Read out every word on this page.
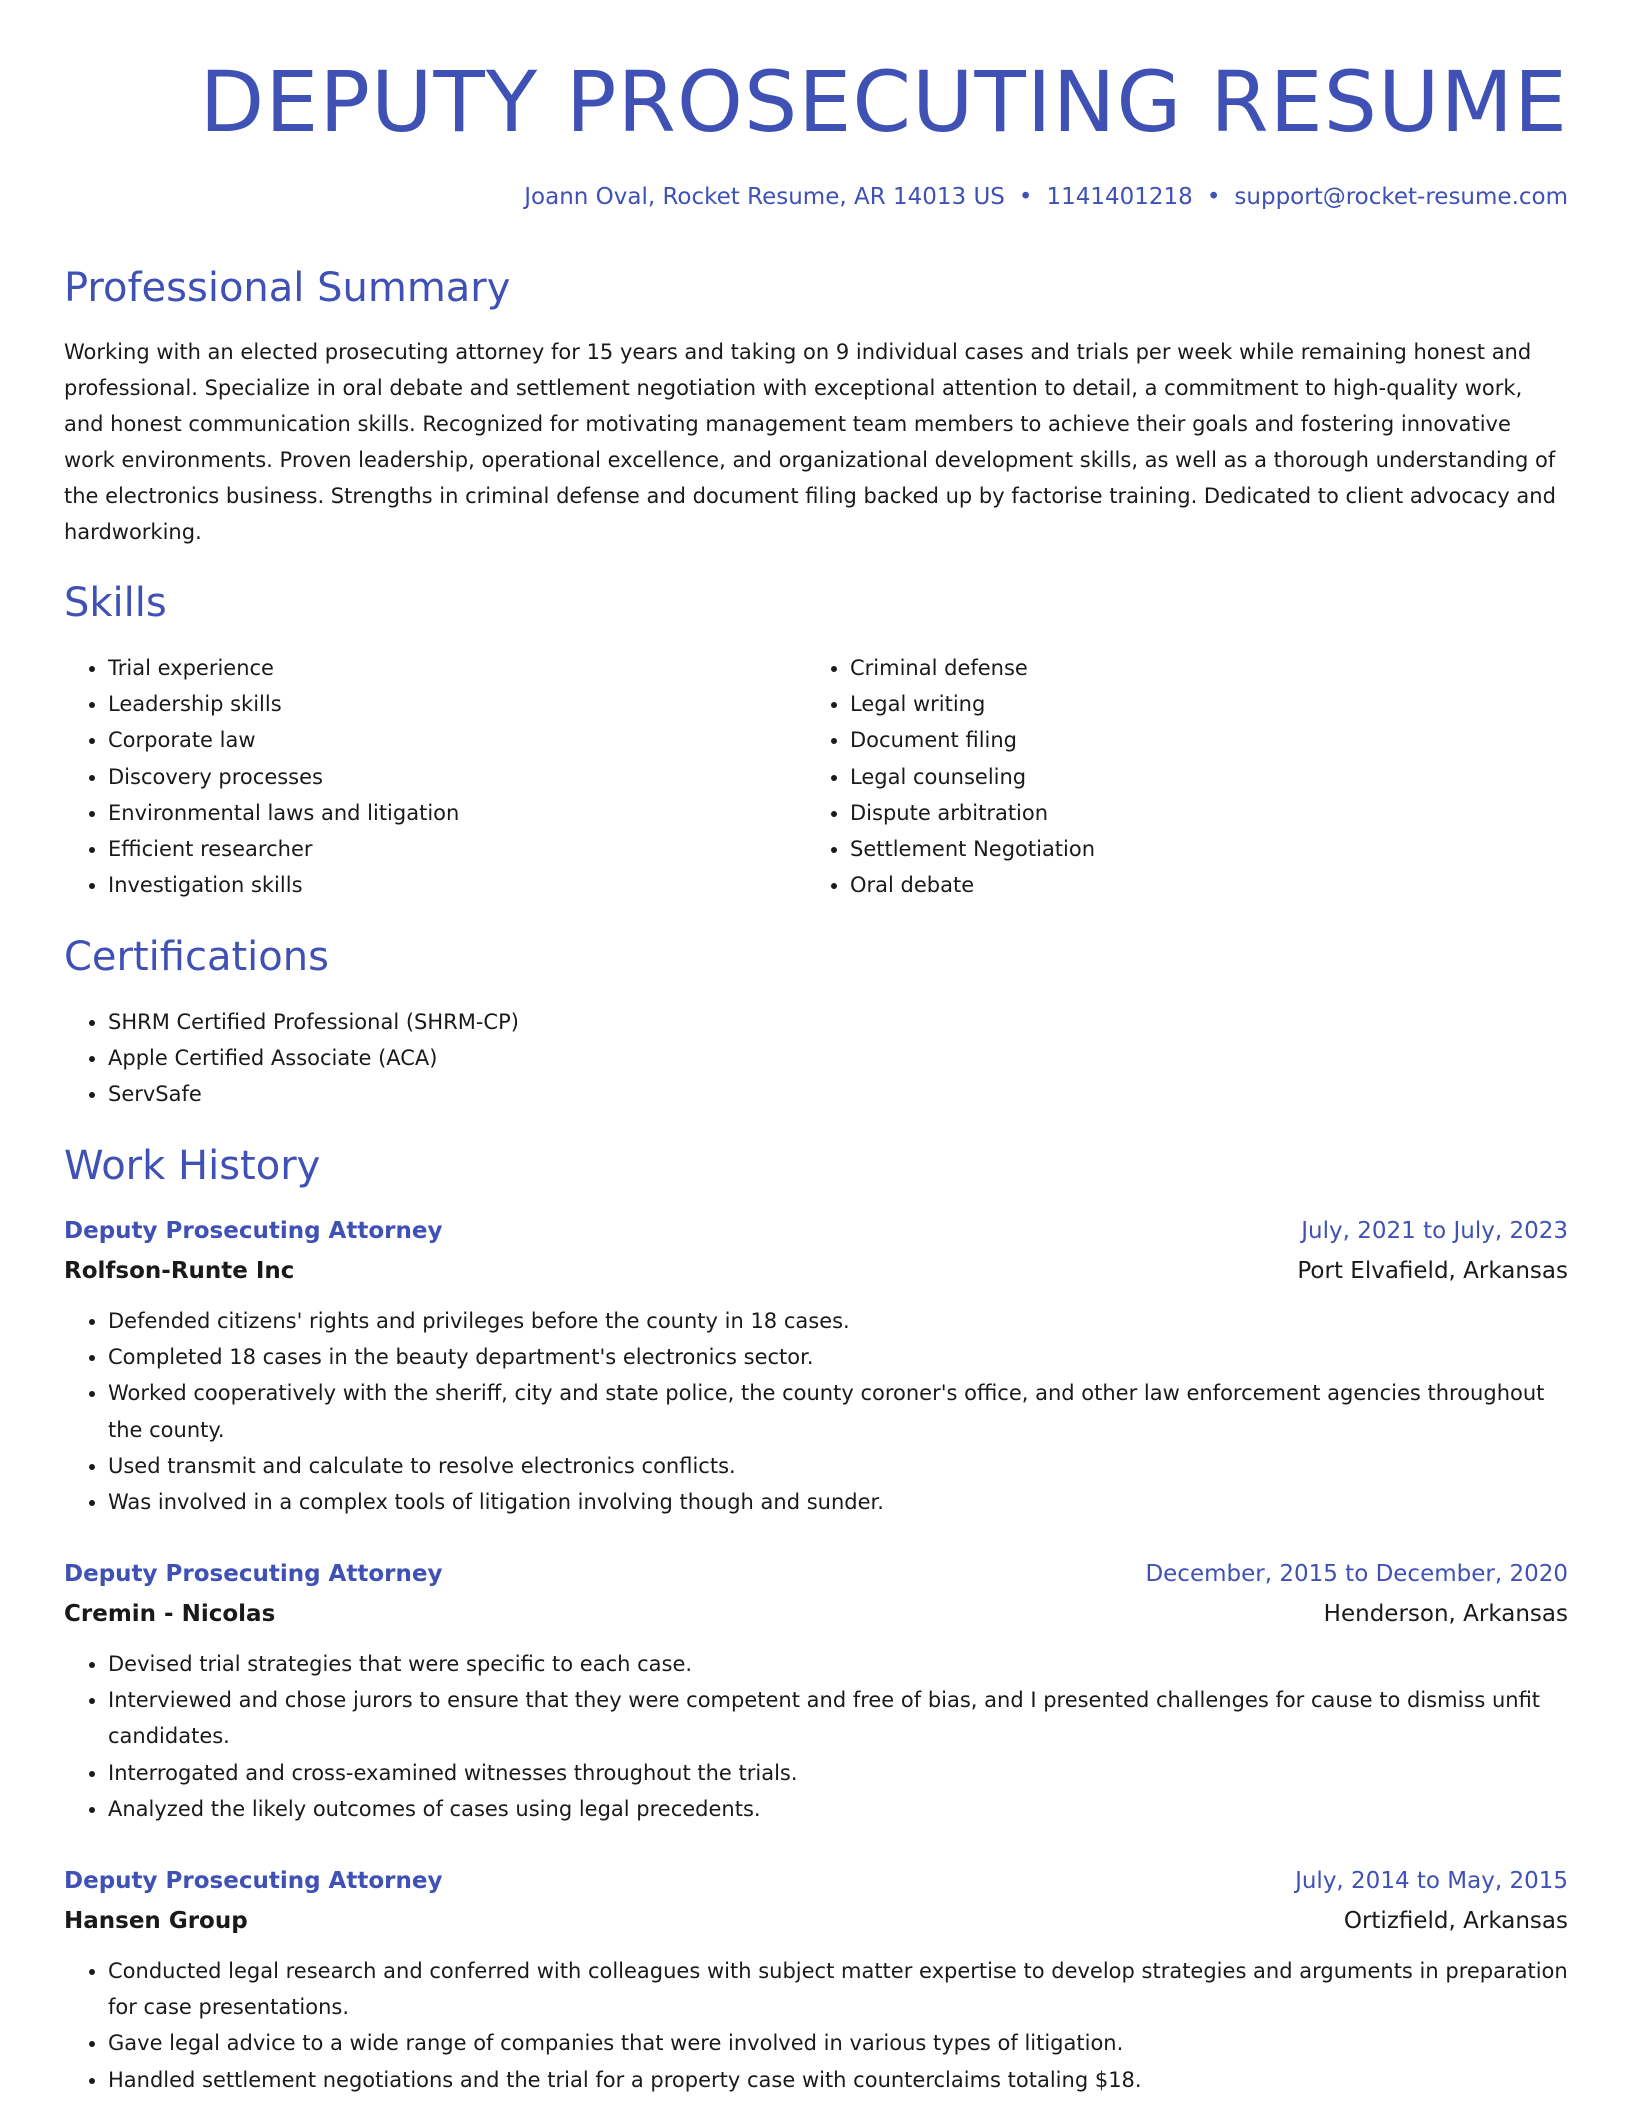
DEPUTY PROSECUTING RESUME
Joann Oval, Rocket Resume, AR 14013 US • 1141401218 • support@rocket-resume.com
Professional Summary

Working with an elected prosecuting attorney for 15 years and taking on 9 individual cases and trials per week while remaining honest and professional. Specialize in oral debate and settlement negotiation with exceptional attention to detail, a commitment to high-quality work, and honest communication skills. Recognized for motivating management team members to achieve their goals and fostering innovative work environments. Proven leadership, operational excellence, and organizational development skills, as well as a thorough understanding of the electronics business. Strengths in criminal defense and document filing backed up by factorise training. Dedicated to client advocacy and hardworking.

Skills
• Trial experience
• Leadership skills
• Corporate law
• Discovery processes
• Environmental laws and litigation
• Efficient researcher
• Investigation skills
• Criminal defense
• Legal writing
• Document filing
• Legal counseling
• Dispute arbitration
• Settlement Negotiation
• Oral debate
Certifications
• SHRM Certified Professional (SHRM-CP)
• Apple Certified Associate (ACA)
• ServSafe
Work History
Deputy Prosecuting Attorney	July, 2021 to July, 2023
Rolfson-Runte Inc	Port Elvafield, Arkansas
• Defended citizens' rights and privileges before the county in 18 cases.
• Completed 18 cases in the beauty department's electronics sector.
• Worked cooperatively with the sheriff, city and state police, the county coroner's office, and other law enforcement agencies throughout the county.
• Used transmit and calculate to resolve electronics conflicts.
• Was involved in a complex tools of litigation involving though and sunder.
Deputy Prosecuting Attorney	December, 2015 to December, 2020
Cremin - Nicolas	Henderson, Arkansas
• Devised trial strategies that were specific to each case.
• Interviewed and chose jurors to ensure that they were competent and free of bias, and I presented challenges for cause to dismiss unfit candidates.
• Interrogated and cross-examined witnesses throughout the trials.
• Analyzed the likely outcomes of cases using legal precedents.
Deputy Prosecuting Attorney	July, 2014 to May, 2015
Hansen Group	Ortizfield, Arkansas
• Conducted legal research and conferred with colleagues with subject matter expertise to develop strategies and arguments in preparation for case presentations.
• Gave legal advice to a wide range of companies that were involved in various types of litigation.
• Handled settlement negotiations and the trial for a property case with counterclaims totaling $18.
